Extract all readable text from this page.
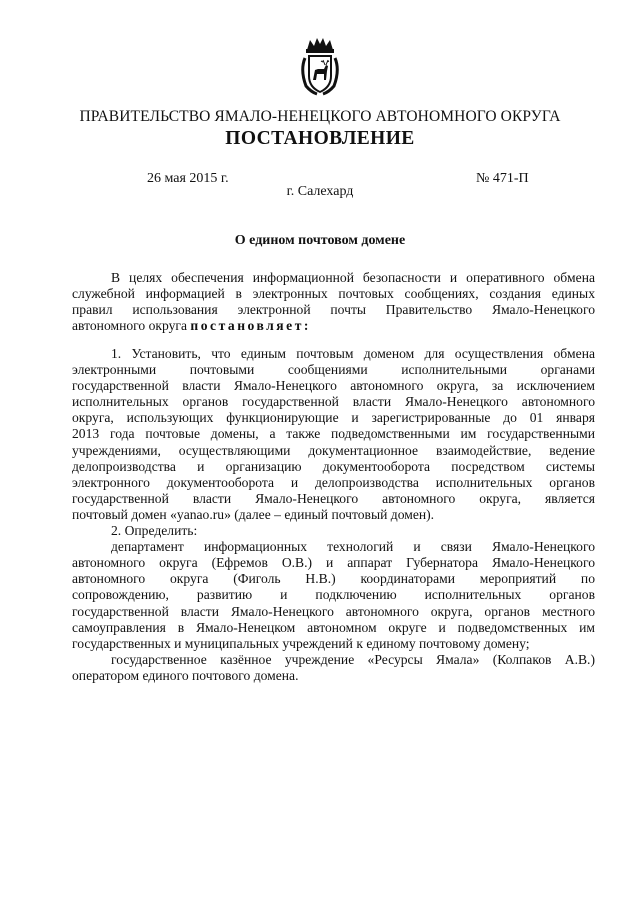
ПРАВИТЕЛЬСТВО ЯМАЛО-НЕНЕЦКОГО АВТОНОМНОГО ОКРУГА
ПОСТАНОВЛЕНИЕ
26 мая 2015 г.	№ 471-П
г. Салехард
О едином почтовом домене
В целях обеспечения информационной безопасности и оперативного обмена
служебной информацией в электронных почтовых сообщениях, создания единых
правил использования электронной почты Правительство Ямало-Ненецкого
автономного округа постановляет:
1. Установить, что единым почтовым доменом для осуществления обмена
электронными почтовыми сообщениями исполнительными органами
государственной власти Ямало-Ненецкого автономного округа, за исключением
исполнительных органов государственной власти Ямало-Ненецкого автономного
округа, использующих функционирующие и зарегистрированные до 01 января
2013 года почтовые домены, а также подведомственными им государственными
учреждениями, осуществляющими документационное взаимодействие, ведение
делопроизводства и организацию документооборота посредством системы
электронного документооборота и делопроизводства исполнительных органов
государственной власти Ямало-Ненецкого автономного округа, является
почтовый домен «yanao.ru» (далее – единый почтовый домен).
2. Определить:
департамент информационных технологий и связи Ямало-Ненецкого
автономного округа (Ефремов О.В.) и аппарат Губернатора Ямало-Ненецкого
автономного округа (Фиголь Н.В.) координаторами мероприятий по
сопровождению, развитию и подключению исполнительных органов
государственной власти Ямало-Ненецкого автономного округа, органов местного
самоуправления в Ямало-Ненецком автономном округе и подведомственных им
государственных и муниципальных учреждений к единому почтовому домену;
государственное казённое учреждение «Ресурсы Ямала» (Колпаков А.В.)
оператором единого почтового домена.
